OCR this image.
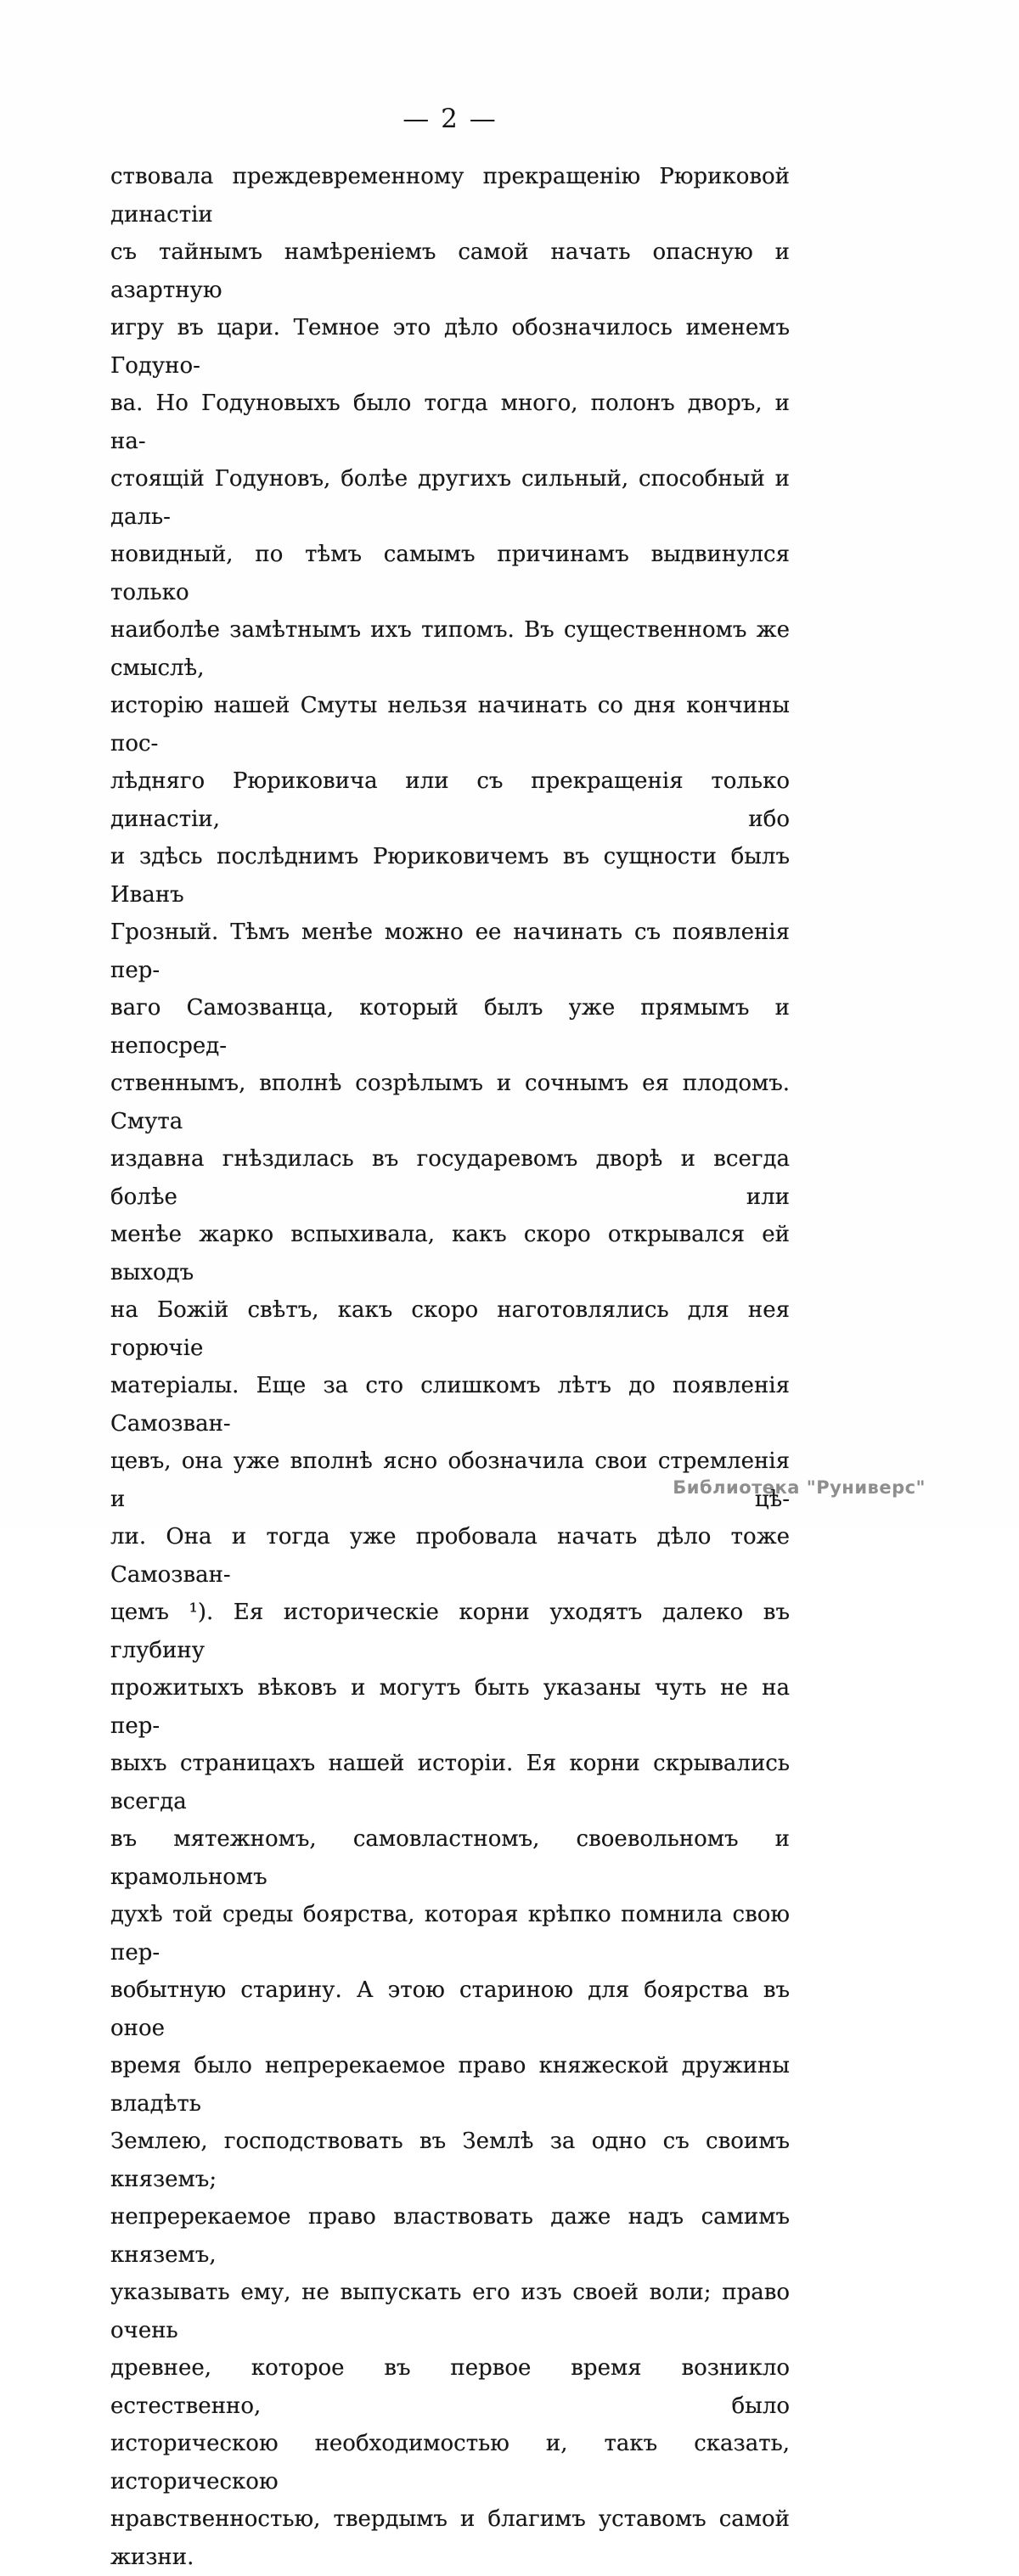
— 2 —
ствовала преждевременному прекращенію Рюриковой династіи
съ тайнымъ намѣреніемъ самой начать опасную и азартную
игру въ цари. Темное это дѣло обозначилось именемъ Годуно-
ва. Но Годуновыхъ было тогда много, полонъ дворъ, и на-
стоящій Годуновъ, болѣе другихъ сильный, способный и даль-
новидный, по тѣмъ самымъ причинамъ выдвинулся только
наиболѣе замѣтнымъ ихъ типомъ. Въ существенномъ же смыслѣ,
исторію нашей Смуты нельзя начинать со дня кончины пос-
лѣдняго Рюриковича или съ прекращенія только династіи, ибо
и здѣсь послѣднимъ Рюриковичемъ въ сущности былъ Иванъ
Грозный. Тѣмъ менѣе можно ее начинать съ появленія пер-
ваго Самозванца, который былъ уже прямымъ и непосред-
ственнымъ, вполнѣ созрѣлымъ и сочнымъ ея плодомъ. Смута
издавна гнѣздилась въ государевомъ дворѣ и всегда болѣе или
менѣе жарко вспыхивала, какъ скоро открывался ей выходъ
на Божій свѣтъ, какъ скоро наготовлялись для нея горючіе
матеріалы. Еще за сто слишкомъ лѣтъ до появленія Самозван-
цевъ, она уже вполнѣ ясно обозначила свои стремленія и цѣ-
ли. Она и тогда уже пробовала начать дѣло тоже Самозван-
цемъ ¹). Ея историческіе корни уходятъ далеко въ глубину
прожитыхъ вѣковъ и могутъ быть указаны чуть не на пер-
выхъ страницахъ нашей исторіи. Ея корни скрывались всегда
въ мятежномъ, самовластномъ, своевольномъ и крамольномъ
духѣ той среды боярства, которая крѣпко помнила свою пер-
вобытную старину. А этою стариною для боярства въ оное
время было непререкаемое право княжеской дружины владѣть
Землею, господствовать въ Землѣ за одно съ своимъ княземъ;
непререкаемое право властвовать даже надъ самимъ княземъ,
указывать ему, не выпускать его изъ своей воли; право очень
древнее, которое въ первое время возникло естественно, было
историческою необходимостью и, такъ сказать, историческою
нравственностью, твердымъ и благимъ уставомъ самой жизни.
Библиотека "Руниверс"
